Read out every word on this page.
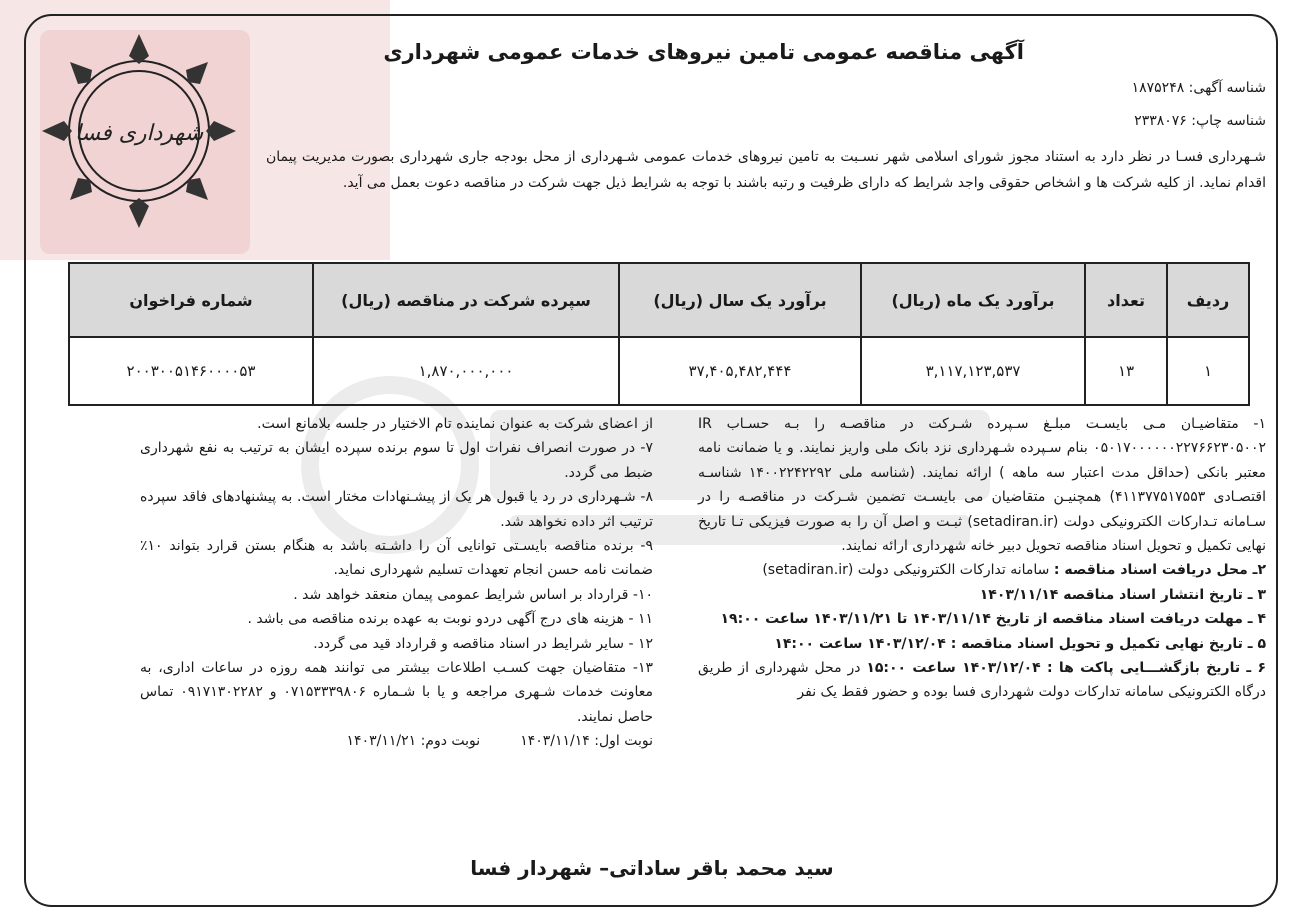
شهرداری فسا
آگهی مناقصه عمومی تامین نیروهای خدمات عمومی شهرداری
شناسه آگهی: ۱۸۷۵۲۴۸
شناسه چاپ: ۲۳۳۸۰۷۶
شـهرداری فسـا در نظر دارد به استناد مجوز شورای اسلامی شهر نسـبت به تامین نیروهای خدمات عمومی شـهرداری از محل بودجه جاری شهرداری بصورت مدیریت پیمان اقدام نماید. از کلیه شرکت ها و اشخاص حقوقی واجد شرایط که دارای ظرفیت و رتبه باشند با توجه به شرایط ذیل جهت شرکت در مناقصه دعوت بعمل می آید.
ردیف	تعداد	برآورد یک ماه (ریال)	برآورد یک سال (ریال)	سپرده شرکت در مناقصه (ریال)	شماره فراخوان
۱	۱۳	۳,۱۱۷,۱۲۳,۵۳۷	۳۷,۴۰۵,۴۸۲,۴۴۴	۱,۸۷۰,۰۰۰,۰۰۰	۲۰۰۳۰۰۵۱۴۶۰۰۰۰۵۳

۱- متقاضیـان مـی بایسـت مبلـغ سـپرده شـرکت در مناقصـه را بـه حسـاب IR ۰۵۰۱۷۰۰۰۰۰۰۲۲۷۶۶۲۳۰۵۰۰۲ بنام سـپرده شـهرداری نزد بانک ملی واریز نمایند. و یا ضمانت نامه معتبر بانکی (حداقل مدت اعتبار سه ماهه ) ارائه نمایند. (شناسه ملی ۱۴۰۰۲۲۴۲۲۹۲ شناسـه اقتصـادی ۴۱۱۳۷۷۵۱۷۵۵۳) همچنیـن متقاضیان می بایسـت تضمین شـرکت در مناقصـه را در سـامانه تـدارکات الکترونیکی دولت (setadiran.ir) ثبـت و اصل آن را به صورت فیزیکی تـا تاریخ نهایی تکمیل و تحویل اسناد مناقصه تحویل دبیر خانه شهرداری ارائه نمایند.

۲ـ محل دریافت اسناد مناقصه : سامانه تدارکات الکترونیکی دولت (setadiran.ir)

۳ ـ تاریخ انتشار اسناد مناقصه ۱۴۰۳/۱۱/۱۴

۴ ـ مهلت دریافت اسناد مناقصه از تاریخ ۱۴۰۳/۱۱/۱۴ تا ۱۴۰۳/۱۱/۲۱ ساعت ۱۹:۰۰

۵ ـ تاریخ نهایی تکمیل و تحویل اسناد مناقصه : ۱۴۰۳/۱۲/۰۴ ساعت ۱۴:۰۰

۶ ـ تاریخ بازگشـــایی پاکت ها : ۱۴۰۳/۱۲/۰۴ ساعت ۱۵:۰۰ در محل شهرداری از طریق درگاه الکترونیکی سامانه تدارکات دولت شهرداری فسا بوده و حضور فقط یک نفر

از اعضای شرکت به عنوان نماینده تام الاختیار در جلسه بلامانع است.

۷- در صورت انصراف نفرات اول تا سوم برنده سپرده ایشان به ترتیب به نفع شهرداری ضبط می گردد.

۸- شـهرداری در رد یا قبول هر یک از پیشـنهادات مختار است. به پیشنهادهای فاقد سپرده ترتیب اثر داده نخواهد شد.

۹- برنده مناقصه بایسـتی توانایی آن را داشـته باشد به هنگام بستن قرارد بتواند ۱۰٪ ضمانت نامه حسن انجام تعهدات تسلیم شهرداری نماید.

۱۰- قرارداد بر اساس شرایط عمومی پیمان منعقد خواهد شد .

۱۱ - هزینه های درج آگهی دردو نوبت به عهده برنده مناقصه می باشد .

۱۲ - سایر شرایط در اسناد مناقصه و قرارداد قید می گردد.

۱۳- متقاضیان جهت کسـب اطلاعات بیشتر می توانند همه روزه در ساعات اداری، به معاونت خدمات شـهری مراجعه و یا با شـماره ۰۷۱۵۳۳۳۹۸۰۶ و ۰۹۱۷۱۳۰۲۲۸۲ تماس حاصل نمایند.

نوبت اول: ۱۴۰۳/۱۱/۱۴
نوبت دوم: ۱۴۰۳/۱۱/۲۱
سید محمد باقر ساداتی– شهردار فسا
